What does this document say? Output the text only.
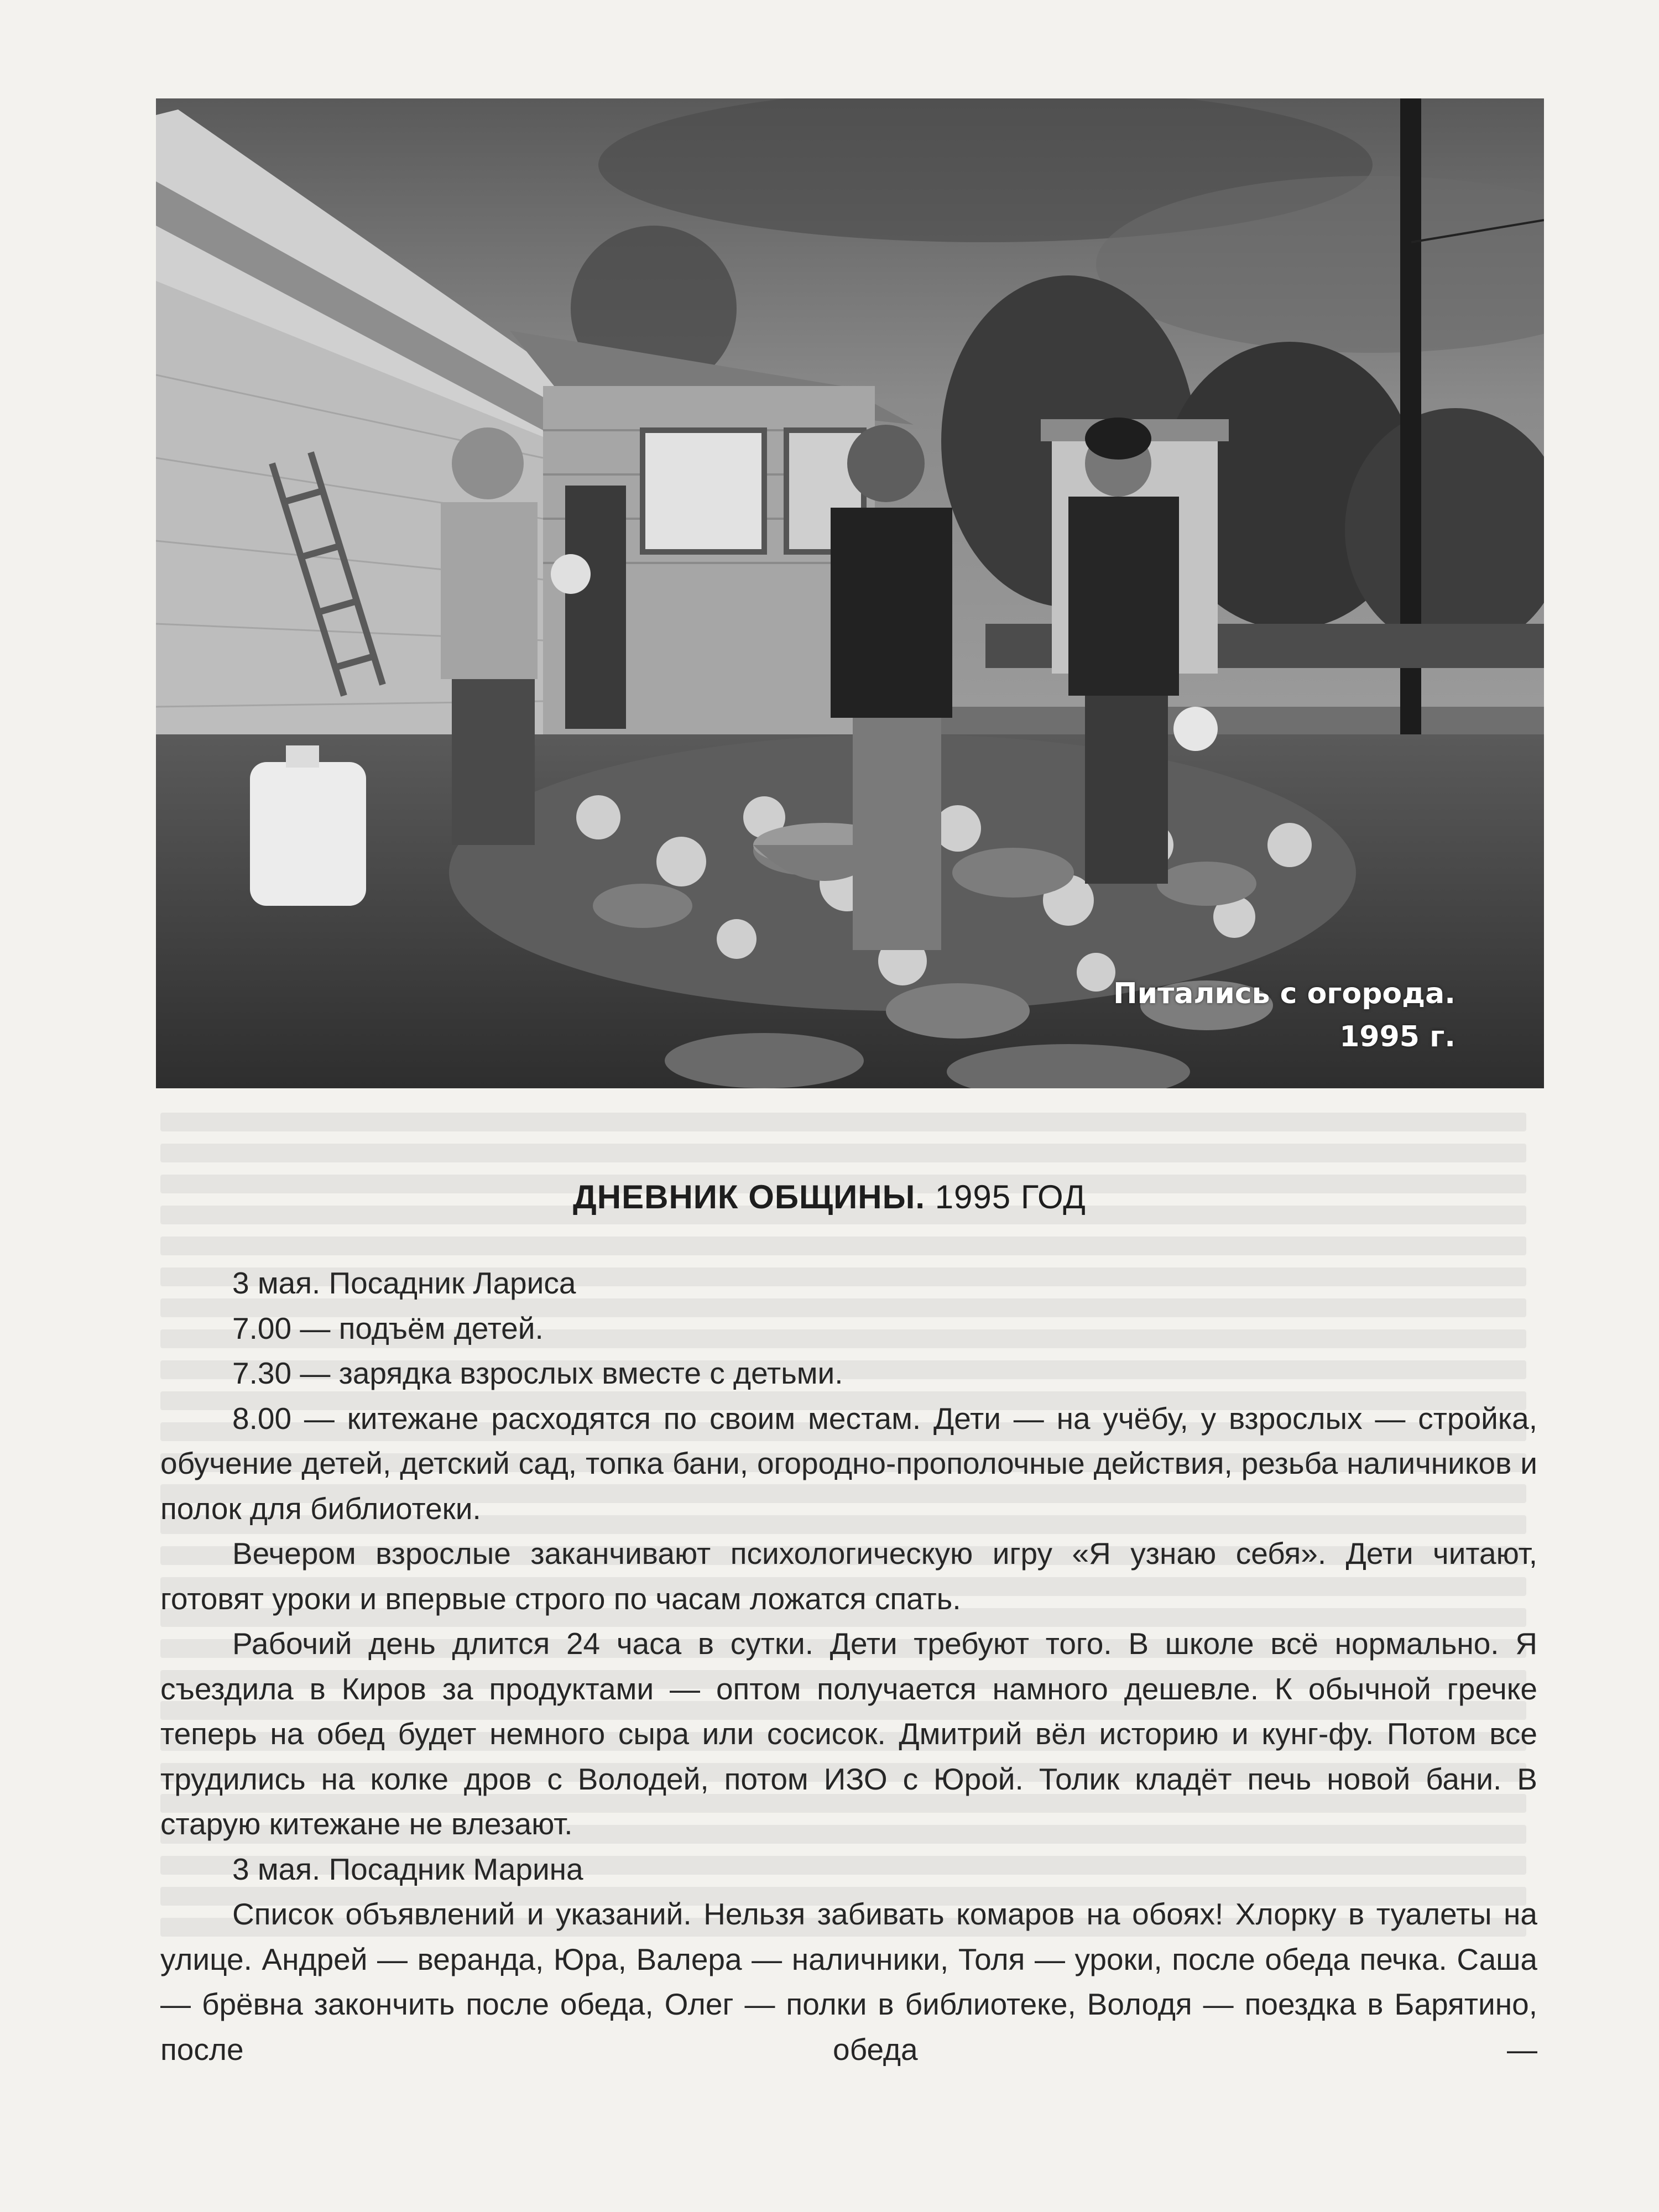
Питались с огорода.
1995 г.
ДНЕВНИК ОБЩИНЫ. 1995 ГОД

3 мая. Посадник Лариса

7.00 — подъём детей.

7.30 — зарядка взрослых вместе с детьми.

8.00 — китежане расходятся по своим местам. Дети — на учёбу, у взрослых — стройка, обучение детей, детский сад, топка бани, огородно-прополочные действия, резьба наличников и полок для библиотеки.

Вечером взрослые заканчивают психологическую игру «Я узнаю себя». Дети читают, готовят уроки и впервые строго по часам ложатся спать.

Рабочий день длится 24 часа в сутки. Дети требуют того. В школе всё нормально. Я съездила в Киров за продуктами — оптом получается намного дешевле. К обычной гречке теперь на обед будет немного сыра или сосисок. Дмитрий вёл историю и кунг-фу. Потом все трудились на колке дров с Володей, потом ИЗО с Юрой. Толик кладёт печь новой бани. В старую китежане не влезают.

3 мая. Посадник Марина

Список объявлений и указаний. Нельзя забивать комаров на обоях! Хлорку в туалеты на улице. Андрей — веранда, Юра, Валера — наличники, Толя — уроки, после обеда печка. Саша — брёвна закончить после обеда, Олег — полки в библиотеке, Володя — поездка в Барятино, после обеда —
